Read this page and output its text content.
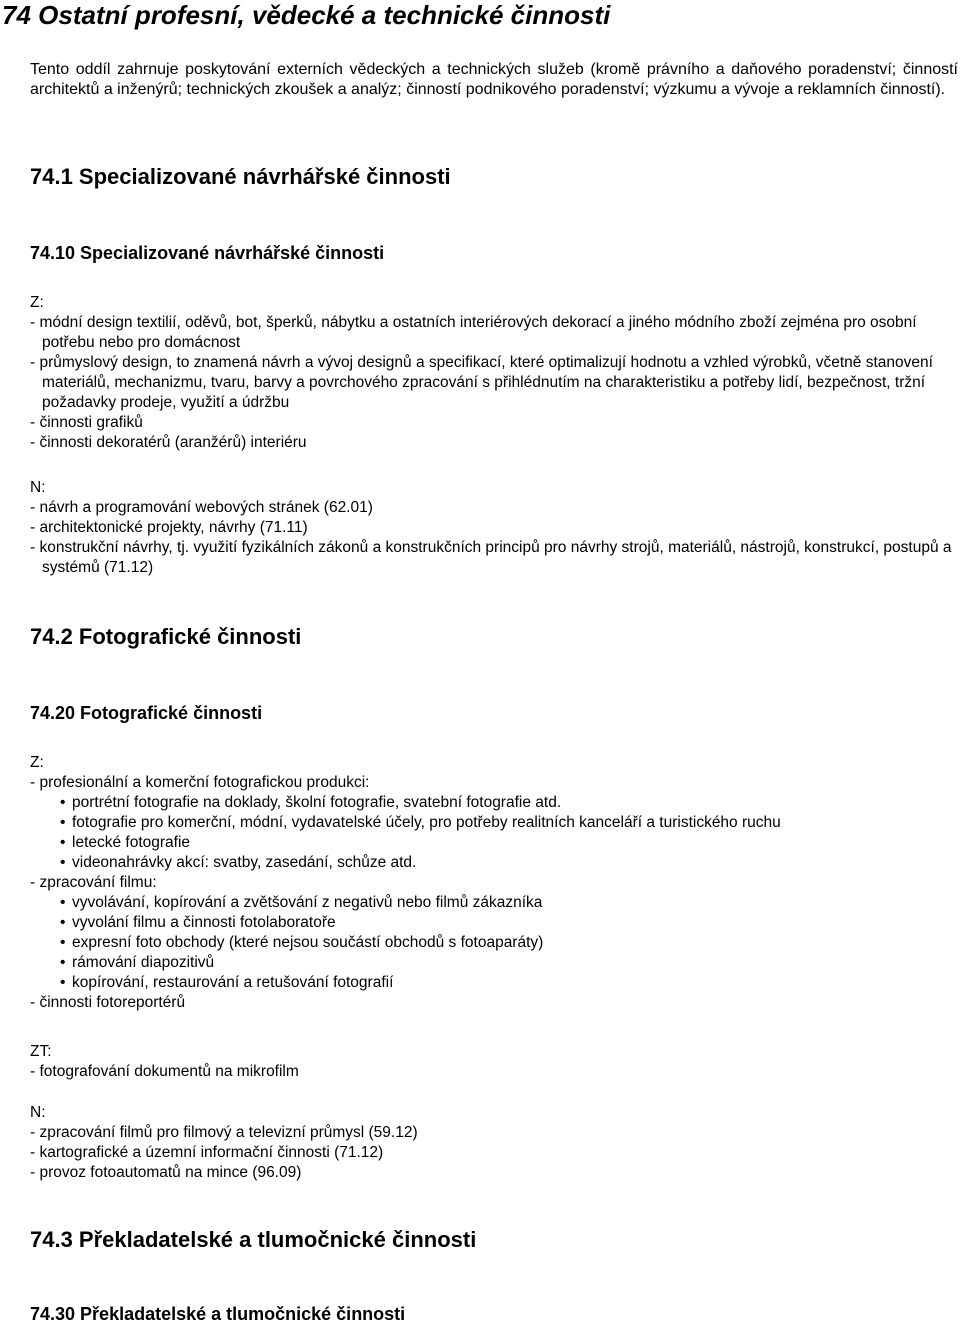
74 Ostatní profesní, vědecké a technické činnosti

Tento oddíl zahrnuje poskytování externích vědeckých a technických služeb (kromě právního a daňového poradenství; činností architektů a inženýrů; technických zkoušek a analýz; činností podnikového poradenství; výzkumu a vývoje a reklamních činností).

74.1 Specializované návrhářské činnosti
74.10 Specializované návrhářské činnosti

Z:

- módní design textilií, oděvů, bot, šperků, nábytku a ostatních interiérových dekorací a jiného módního zboží zejména pro osobní potřebu nebo pro domácnost

- průmyslový design, to znamená návrh a vývoj designů a specifikací, které optimalizují hodnotu a vzhled výrobků, včetně stanovení materiálů, mechanizmu, tvaru, barvy a povrchového zpracování s přihlédnutím na charakteristiku a potřeby lidí, bezpečnost, tržní požadavky prodeje, využití a údržbu

- činnosti grafiků

- činnosti dekoratérů (aranžérů) interiéru

N:

- návrh a programování webových stránek (62.01)

- architektonické projekty, návrhy (71.11)

- konstrukční návrhy, tj. využití fyzikálních zákonů a konstrukčních principů pro návrhy strojů, materiálů, nástrojů, konstrukcí, postupů a systémů (71.12)

74.2 Fotografické činnosti
74.20 Fotografické činnosti

Z:

- profesionální a komerční fotografickou produkci:

• portrétní fotografie na doklady, školní fotografie, svatební fotografie atd.

• fotografie pro komerční, módní, vydavatelské účely, pro potřeby realitních kanceláří a turistického ruchu

• letecké fotografie

• videonahrávky akcí: svatby, zasedání, schůze atd.

- zpracování filmu:

• vyvolávání, kopírování a zvětšování z negativů nebo filmů zákazníka

• vyvolání filmu a činnosti fotolaboratoře

• expresní foto obchody (které nejsou součástí obchodů s fotoaparáty)

• rámování diapozitivů

• kopírování, restaurování a retušování fotografií

- činnosti fotoreportérů

ZT:

- fotografování dokumentů na mikrofilm

N:

- zpracování filmů pro filmový a televizní průmysl (59.12)

- kartografické a územní informační činnosti (71.12)

- provoz fotoautomatů na mince (96.09)

74.3 Překladatelské a tlumočnické činnosti
74.30 Překladatelské a tlumočnické činnosti
